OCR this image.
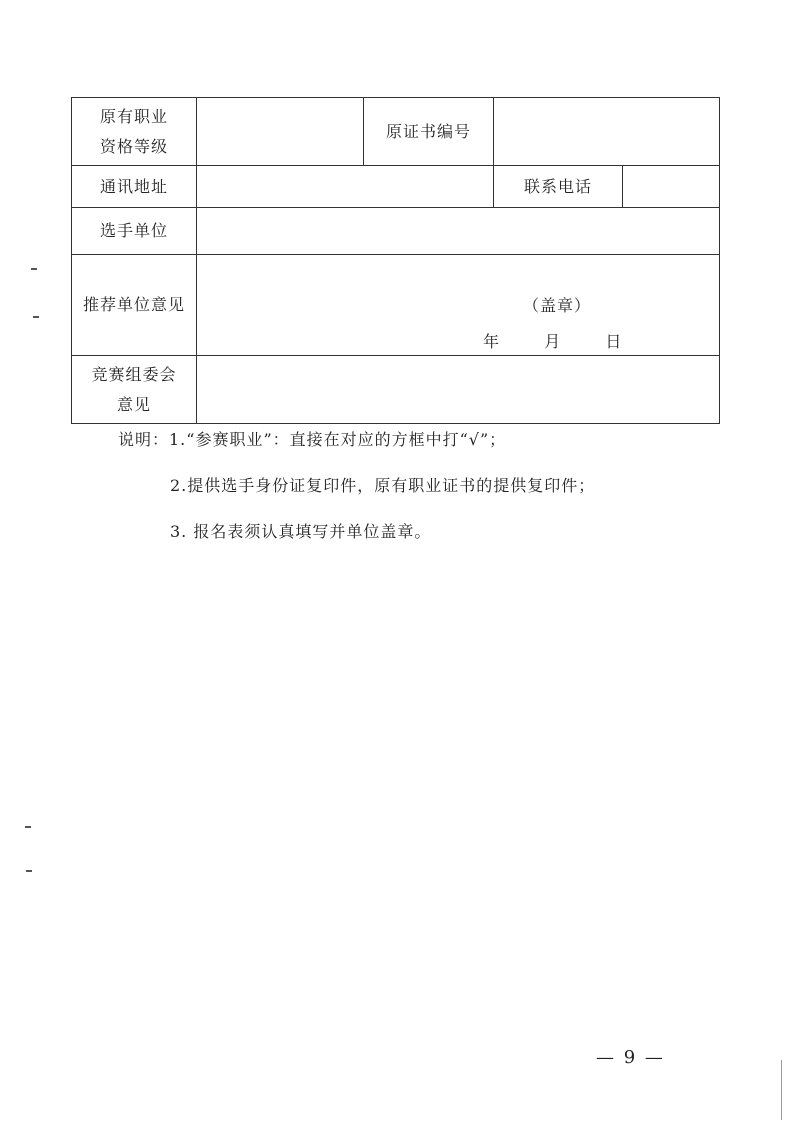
原有职业
资格等级		原证书编号		
通讯地址			联系电话	
选手单位				
推荐单位意见	（盖章）
年 月 日			

竞赛组委会
意见				

说明：1.“参赛职业”：直接在对应的方框中打“√”；
2.提供选手身份证复印件，原有职业证书的提供复印件；
3. 报名表须认真填写并单位盖章。
— 9 —
